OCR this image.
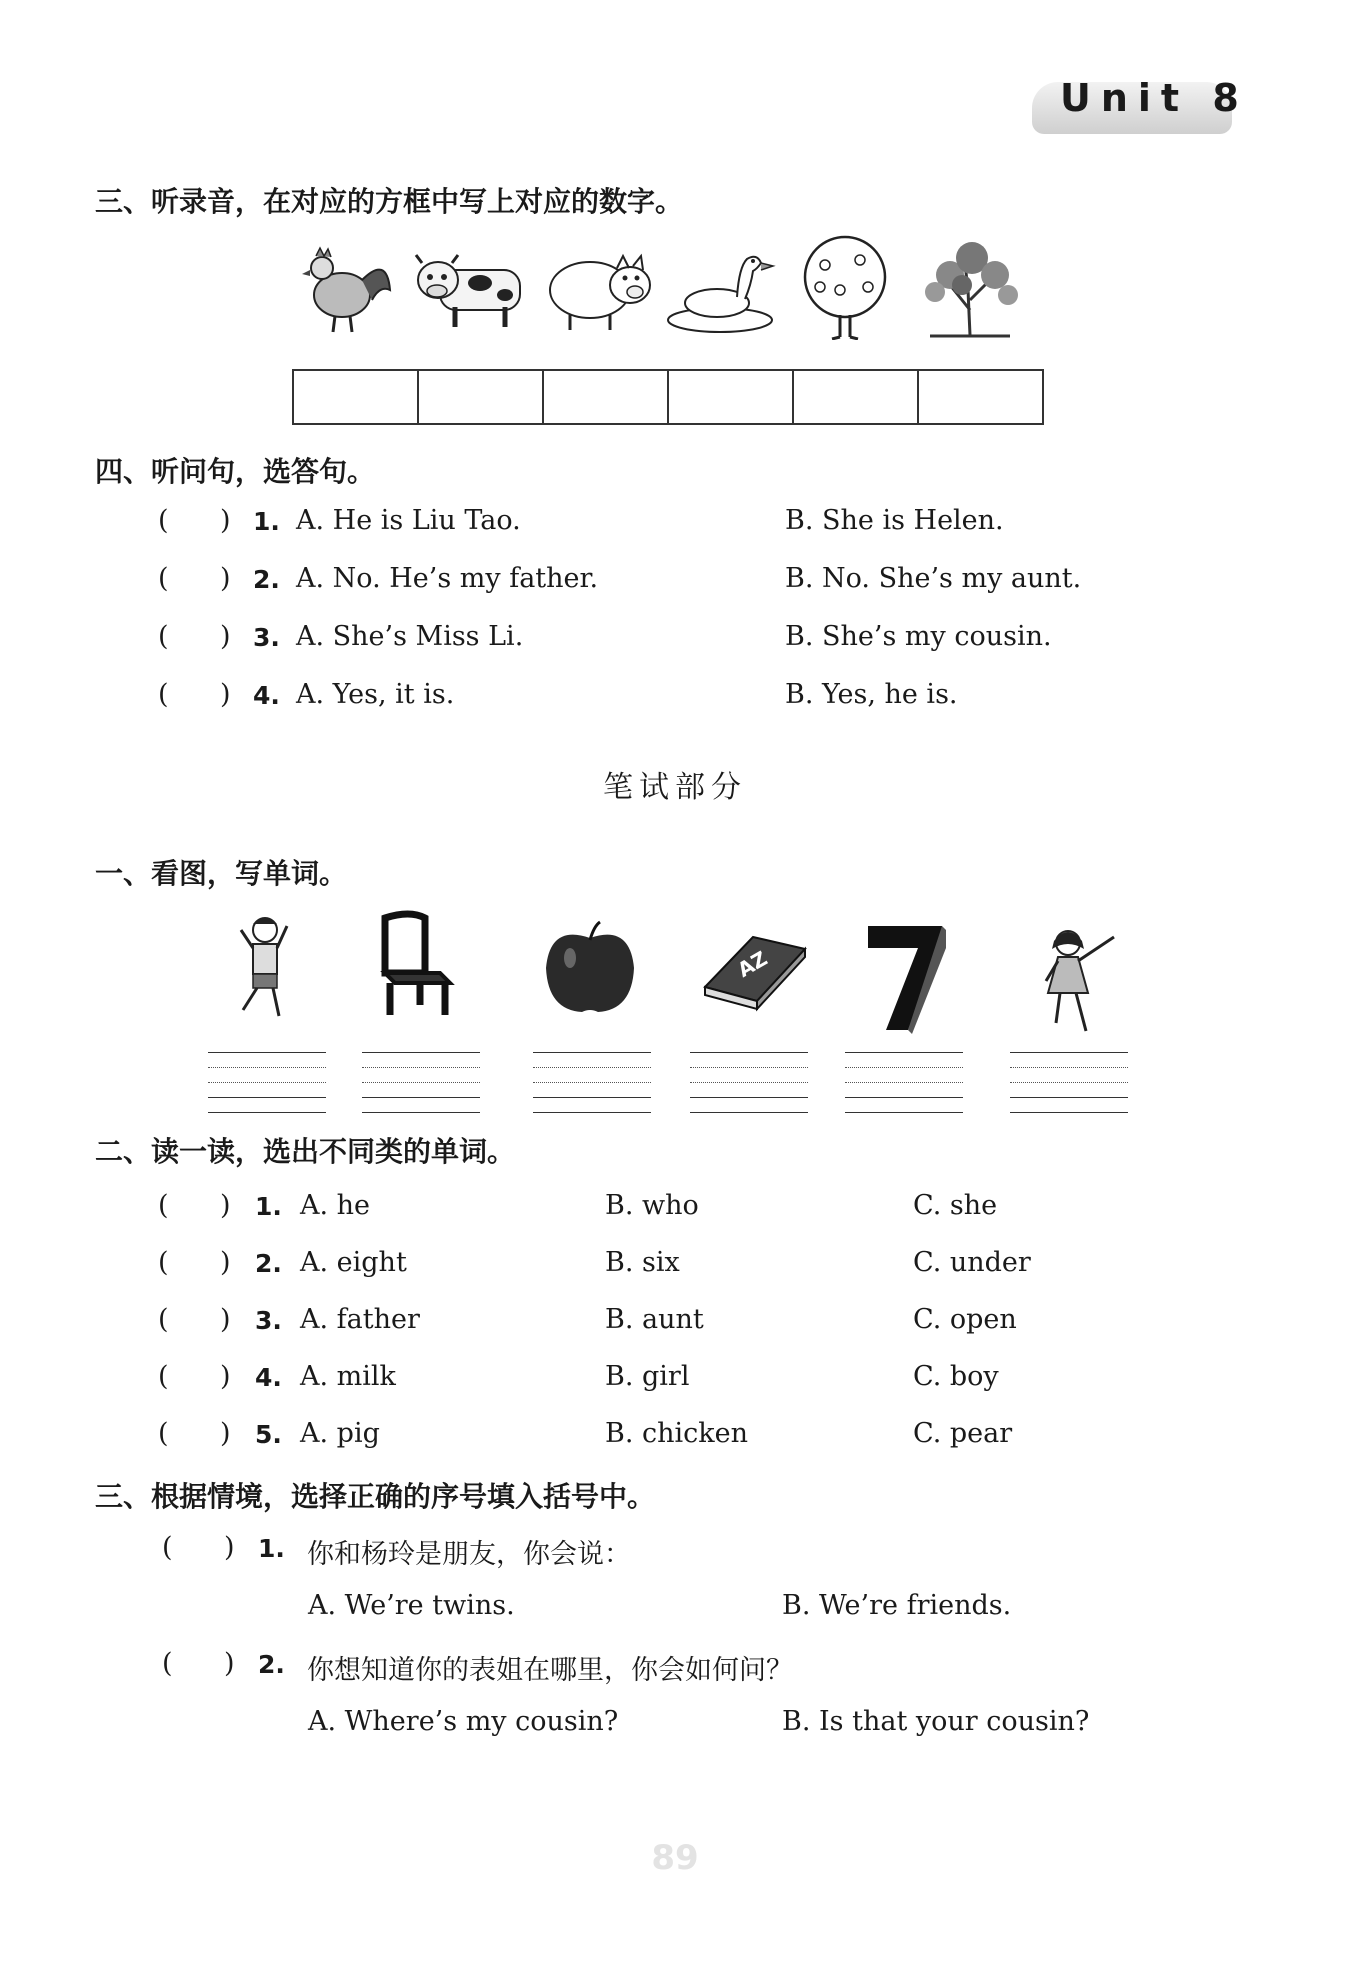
Unit 8
三、听录音，在对应的方框中写上对应的数字。
四、听问句，选答句。
(      ) 1. A. He is Liu Tao.	B. She is Helen.
(      ) 2. A. No. He’s my father.	B. No. She’s my aunt.
(      ) 3. A. She’s Miss Li.	B. She’s my cousin.
(      ) 4. A. Yes, it is.	B. Yes, he is.
笔试部分
一、看图，写单词。
AZ
二、读一读，选出不同类的单词。
(      ) 1. A. he	B. who	C. she
(      ) 2. A. eight	B. six	C. under
(      ) 3. A. father	B. aunt	C. open
(      ) 4. A. milk	B. girl	C. boy
(      ) 5. A. pig	B. chicken	C. pear
三、根据情境，选择正确的序号填入括号中。
(      ) 1. 你和杨玲是朋友，你会说：
A. We’re twins.	B. We’re friends.
(      ) 2. 你想知道你的表姐在哪里，你会如何问？
A. Where’s my cousin?	B. Is that your cousin?
89
